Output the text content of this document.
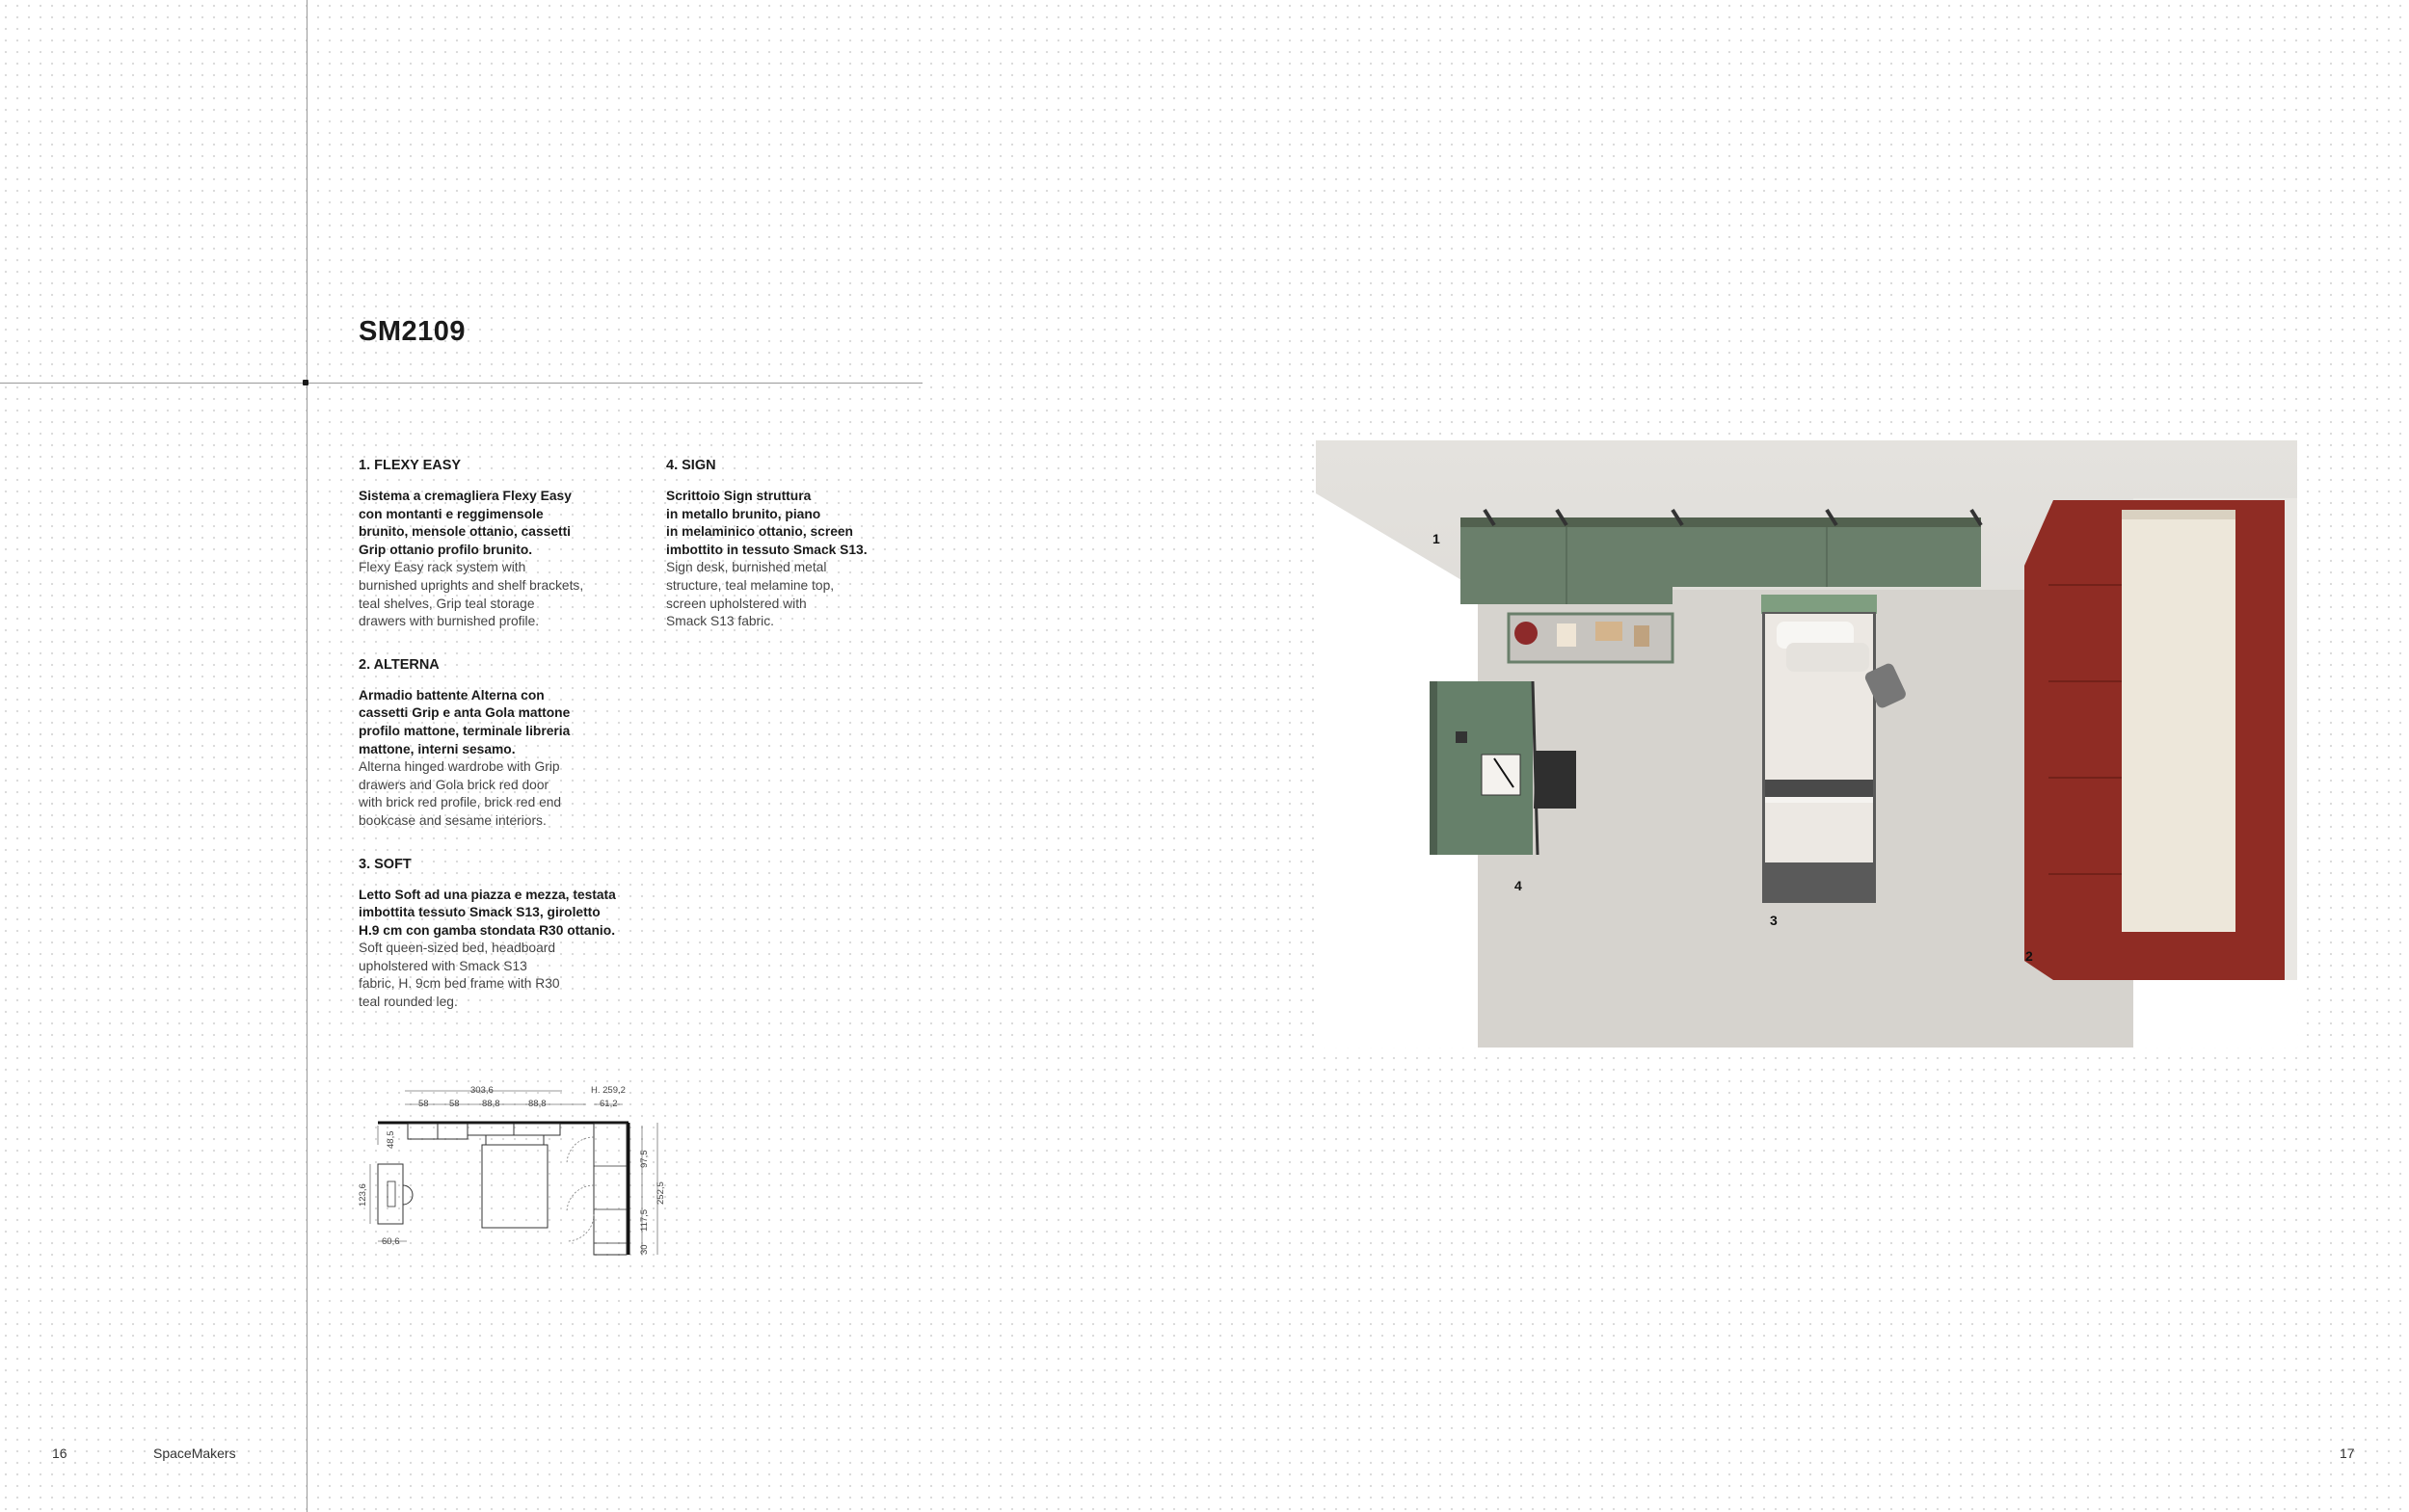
SM2109
1. FLEXY EASY

Sistema a cremagliera Flexy Easy
con montanti e reggimensole
brunito, mensole ottanio, cassetti
Grip ottanio profilo brunito.

Flexy Easy rack system with
burnished uprights and shelf brackets,
teal shelves, Grip teal storage
drawers with burnished profile.

2. ALTERNA

Armadio battente Alterna con
cassetti Grip e anta Gola mattone
profilo mattone, terminale libreria
mattone, interni sesamo.

Alterna hinged wardrobe with Grip
drawers and Gola brick red door
with brick red profile, brick red end
bookcase and sesame interiors.

3. SOFT

Letto Soft ad una piazza e mezza, testata
imbottita tessuto Smack S13, giroletto
H.9 cm con gamba stondata R30 ottanio.

Soft queen-sized bed, headboard
upholstered with Smack S13
fabric, H. 9cm bed frame with R30
teal rounded leg.

4. SIGN

Scrittoio Sign struttura
in metallo brunito, piano
in melaminico ottanio, screen
imbottito in tessuto Smack S13.

Sign desk, burnished metal
structure, teal melamine top,
screen upholstered with
Smack S13 fabric.

303,6	H. 259,2
58 58 88,8	88,8	61,2
48,5
123,6
60,6
97,5
117,5
30
252,5
1
2
3
4
16	SpaceMakers	17
